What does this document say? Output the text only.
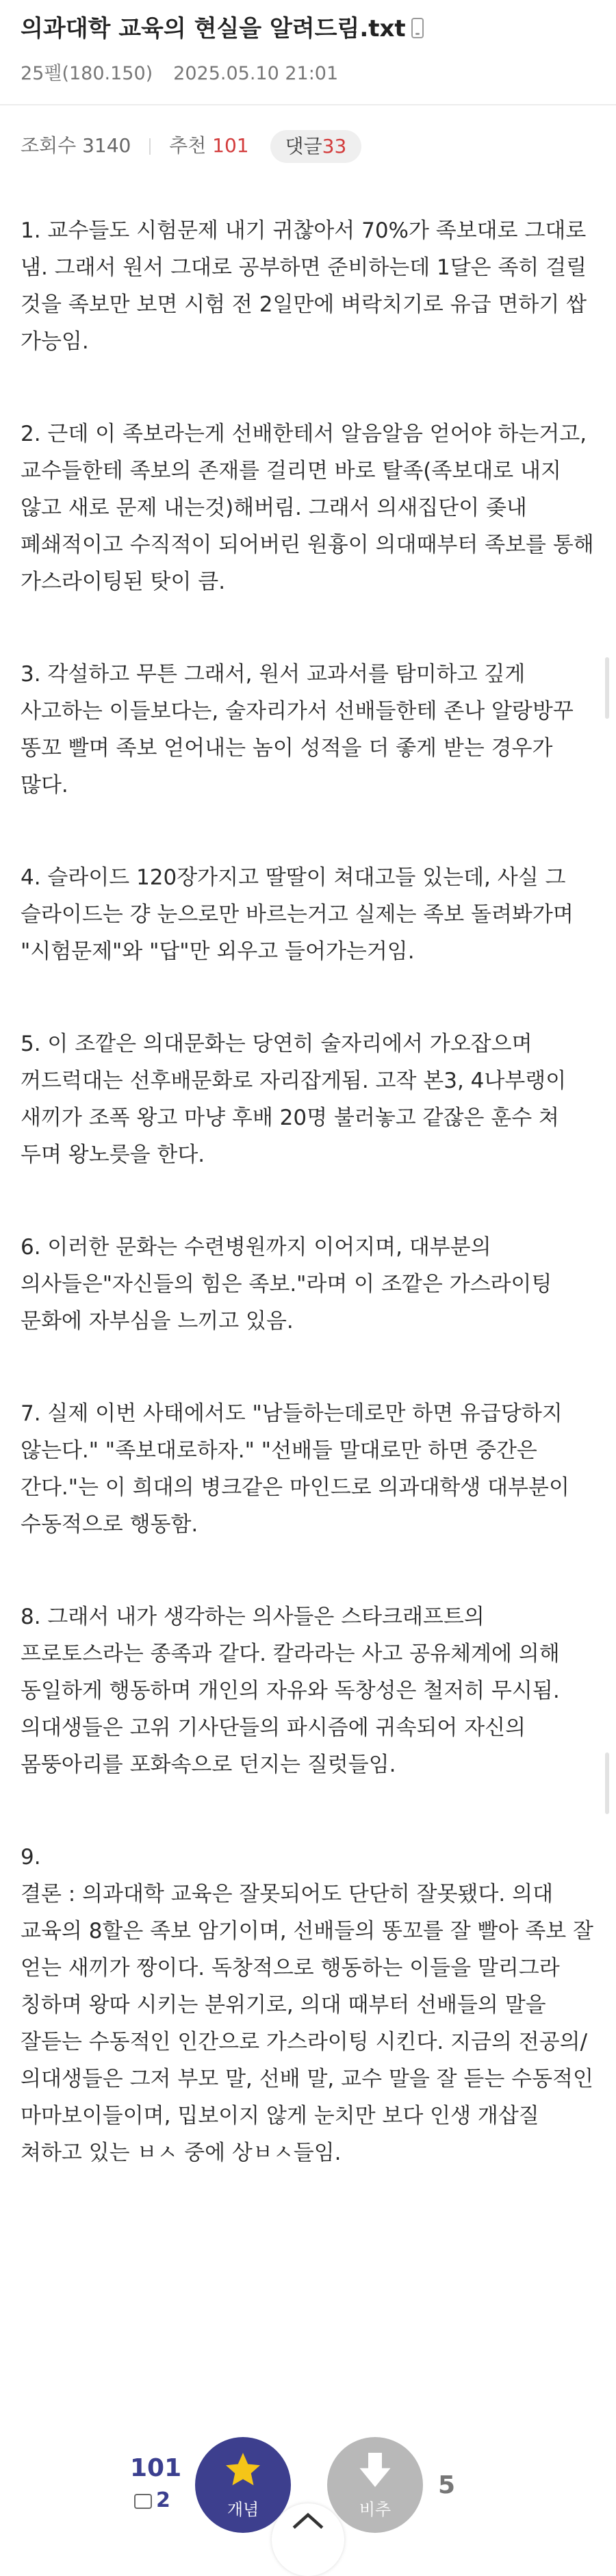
의과대학 교육의 현실을 알려드림.txt
25펠(180.150) 2025.05.10 21:01
조회수 3140 추천 101 댓글33

1. 교수들도 시험문제 내기 귀찮아서 70%가 족보대로 그대로 냄. 그래서 원서 그대로 공부하면 준비하는데 1달은 족히 걸릴 것을 족보만 보면 시험 전 2일만에 벼락치기로 유급 면하기 쌉 가능임.

2. 근데 이 족보라는게 선배한테서 알음알음 얻어야 하는거고, 교수들한테 족보의 존재를 걸리면 바로 탈족(족보대로 내지 않고 새로 문제 내는것)해버림. 그래서 의새집단이 좆내 폐쇄적이고 수직적이 되어버린 원흉이 의대때부터 족보를 통해 가스라이팅된 탓이 큼.

3. 각설하고 무튼 그래서, 원서 교과서를 탐미하고 깊게 사고하는 이들보다는, 술자리가서 선배들한테 존나 알랑방꾸 똥꼬 빨며 족보 얻어내는 놈이 성적을 더 좋게 받는 경우가 많다.

4. 슬라이드 120장가지고 딸딸이 쳐대고들 있는데, 사실 그 슬라이드는 걍 눈으로만 바르는거고 실제는 족보 돌려봐가며 "시험문제"와 "답"만 외우고 들어가는거임.

5. 이 조깥은 의대문화는 당연히 술자리에서 가오잡으며 꺼드럭대는 선후배문화로 자리잡게됨. 고작 본3, 4나부랭이 새끼가 조폭 왕고 마냥 후배 20명 불러놓고 같잖은 훈수 쳐 두며 왕노릇을 한다.

6. 이러한 문화는 수련병원까지 이어지며, 대부분의 의사들은"자신들의 힘은 족보."라며 이 조깥은 가스라이팅 문화에 자부심을 느끼고 있음.

7. 실제 이번 사태에서도 "남들하는데로만 하면 유급당하지 않는다." "족보대로하자." "선배들 말대로만 하면 중간은 간다."는 이 희대의 병크같은 마인드로 의과대학생 대부분이 수동적으로 행동함.

8. 그래서 내가 생각하는 의사들은 스타크래프트의 프로토스라는 종족과 같다. 칼라라는 사고 공유체계에 의해 동일하게 행동하며 개인의 자유와 독창성은 철저히 무시됨. 의대생들은 고위 기사단들의 파시즘에 귀속되어 자신의 몸뚱아리를 포화속으로 던지는 질럿들임.

9.
결론 : 의과대학 교육은 잘못되어도 단단히 잘못됐다. 의대 교육의 8할은 족보 암기이며, 선배들의 똥꼬를 잘 빨아 족보 잘 얻는 새끼가 짱이다. 독창적으로 행동하는 이들을 말리그라 칭하며 왕따 시키는 분위기로, 의대 때부터 선배들의 말을 잘듣는 수동적인 인간으로 가스라이팅 시킨다. 지금의 전공의/의대생들은 그저 부모 말, 선배 말, 교수 말을 잘 듣는 수동적인 마마보이들이며, 밉보이지 않게 눈치만 보다 인생 개삽질 쳐하고 있는 ㅂㅅ 중에 상ㅂㅅ들임.

101
2	개념	비추
5
